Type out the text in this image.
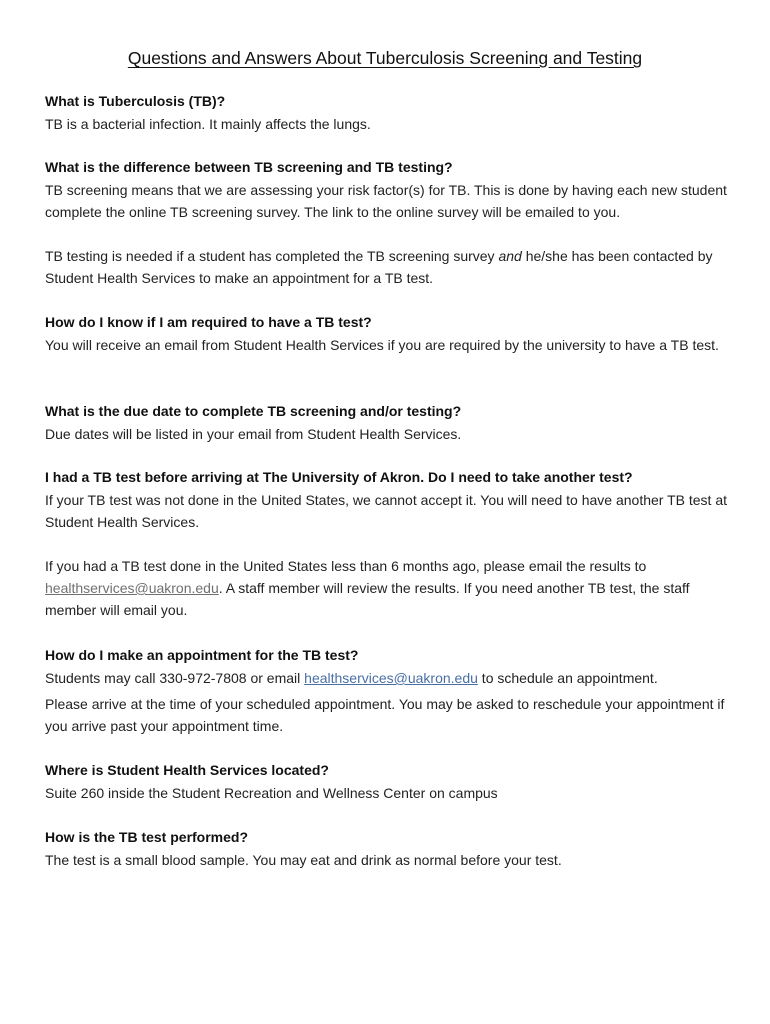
Questions and Answers About Tuberculosis Screening and Testing
What is Tuberculosis (TB)?
TB is a bacterial infection. It mainly affects the lungs.
What is the difference between TB screening and TB testing?
TB screening means that we are assessing your risk factor(s) for TB. This is done by having each new student complete the online TB screening survey. The link to the online survey will be emailed to you.
TB testing is needed if a student has completed the TB screening survey and he/she has been contacted by Student Health Services to make an appointment for a TB test.
How do I know if I am required to have a TB test?
You will receive an email from Student Health Services if you are required by the university to have a TB test.
What is the due date to complete TB screening and/or testing?
Due dates will be listed in your email from Student Health Services.
I had a TB test before arriving at The University of Akron. Do I need to take another test?
If your TB test was not done in the United States, we cannot accept it. You will need to have another TB test at Student Health Services.
If you had a TB test done in the United States less than 6 months ago, please email the results to healthservices@uakron.edu. A staff member will review the results. If you need another TB test, the staff member will email you.
How do I make an appointment for the TB test?
Students may call 330-972-7808 or email healthservices@uakron.edu to schedule an appointment.
Please arrive at the time of your scheduled appointment. You may be asked to reschedule your appointment if you arrive past your appointment time.
Where is Student Health Services located?
Suite 260 inside the Student Recreation and Wellness Center on campus
How is the TB test performed?
The test is a small blood sample. You may eat and drink as normal before your test.
